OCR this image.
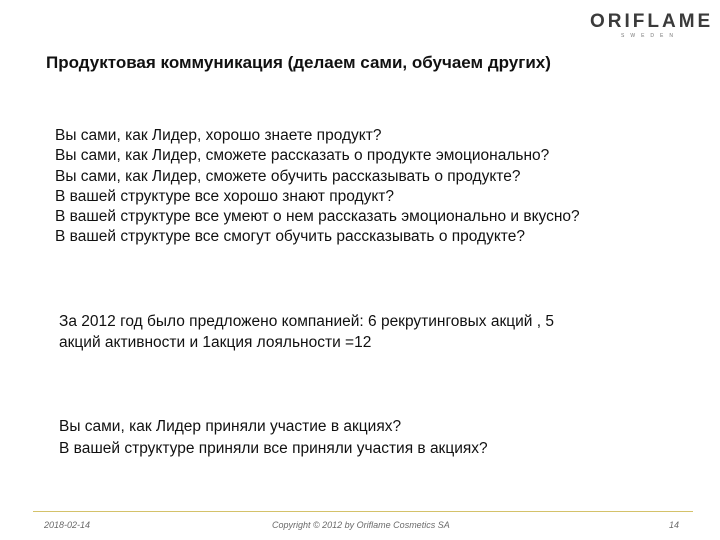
ORIFLAME
SWEDEN
Продуктовая коммуникация (делаем сами, обучаем других)
Вы сами, как Лидер, хорошо знаете продукт?
Вы сами, как Лидер, сможете рассказать о продукте эмоционально?
Вы сами, как Лидер, сможете обучить рассказывать о продукте?
В вашей структуре все хорошо знают продукт?
В вашей структуре все умеют о нем рассказать эмоционально и вкусно?
В вашей структуре все смогут обучить рассказывать о продукте?
За 2012 год было предложено компанией: 6 рекрутинговых акций , 5
акций активности и 1акция лояльности =12
Вы сами, как Лидер приняли участие в акциях?
В вашей структуре приняли все приняли участия в акциях?
2018-02-14	Copyright © 2012 by Oriflame Cosmetics SA	14
